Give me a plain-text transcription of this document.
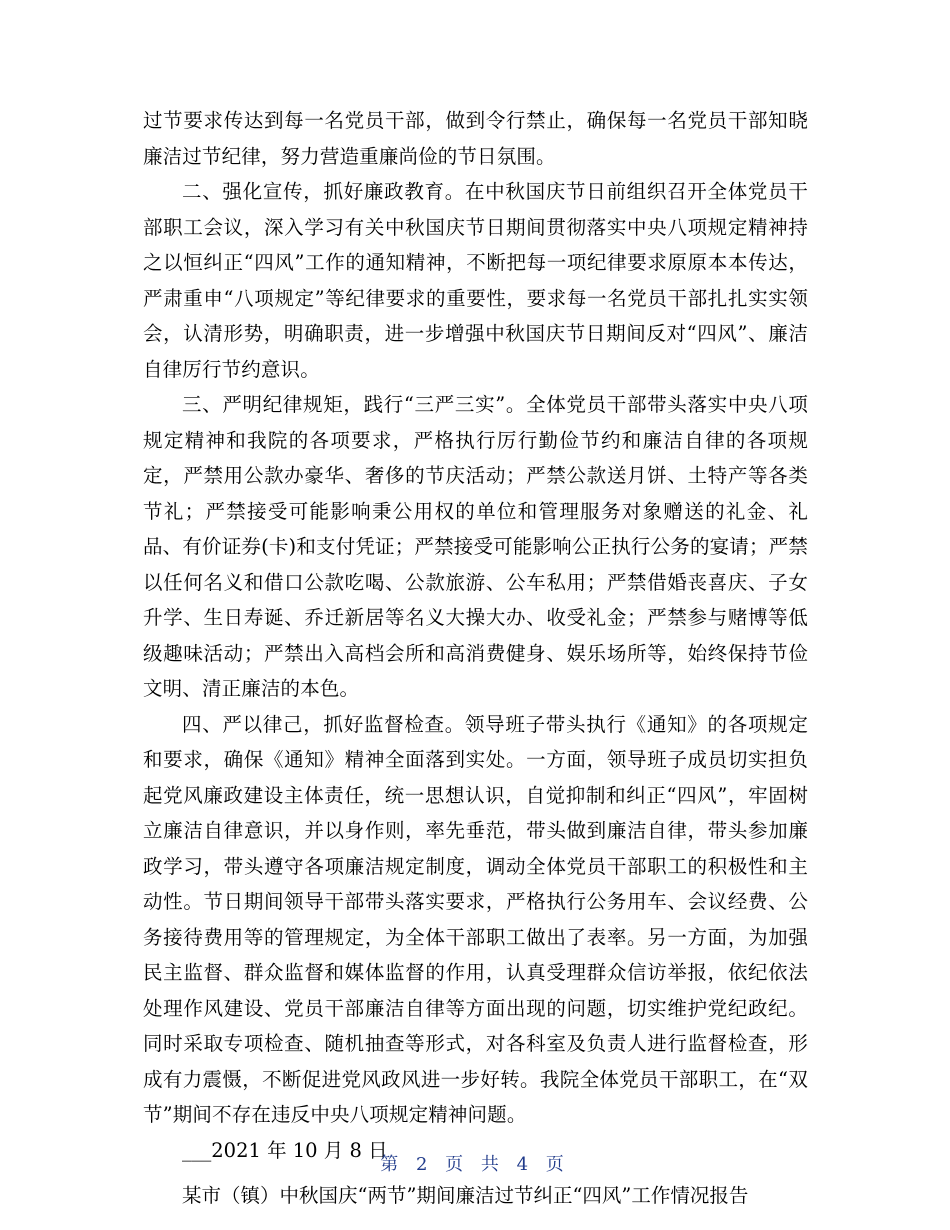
过节要求传达到每一名党员干部，做到令行禁止，确保每一名党员干部知晓廉洁过节纪律，努力营造重廉尚俭的节日氛围。

二、强化宣传，抓好廉政教育。在中秋国庆节日前组织召开全体党员干部职工会议，深入学习有关中秋国庆节日期间贯彻落实中央八项规定精神持之以恒纠正“四风”工作的通知精神，不断把每一项纪律要求原原本本传达，严肃重申“八项规定”等纪律要求的重要性，要求每一名党员干部扎扎实实领会，认清形势，明确职责，进一步增强中秋国庆节日期间反对“四风”、廉洁自律厉行节约意识。

三、严明纪律规矩，践行“三严三实”。全体党员干部带头落实中央八项规定精神和我院的各项要求，严格执行厉行勤俭节约和廉洁自律的各项规定，严禁用公款办豪华、奢侈的节庆活动；严禁公款送月饼、土特产等各类节礼；严禁接受可能影响秉公用权的单位和管理服务对象赠送的礼金、礼品、有价证券(卡)和支付凭证；严禁接受可能影响公正执行公务的宴请；严禁以任何名义和借口公款吃喝、公款旅游、公车私用；严禁借婚丧喜庆、子女升学、生日寿诞、乔迁新居等名义大操大办、收受礼金；严禁参与赌博等低级趣味活动；严禁出入高档会所和高消费健身、娱乐场所等，始终保持节俭文明、清正廉洁的本色。

四、严以律己，抓好监督检查。领导班子带头执行《通知》的各项规定和要求，确保《通知》精神全面落到实处。一方面，领导班子成员切实担负起党风廉政建设主体责任，统一思想认识，自觉抑制和纠正“四风”，牢固树立廉洁自律意识，并以身作则，率先垂范，带头做到廉洁自律，带头参加廉政学习，带头遵守各项廉洁规定制度，调动全体党员干部职工的积极性和主动性。节日期间领导干部带头落实要求，严格执行公务用车、会议经费、公务接待费用等的管理规定，为全体干部职工做出了表率。另一方面，为加强民主监督、群众监督和媒体监督的作用，认真受理群众信访举报，依纪依法处理作风建设、党员干部廉洁自律等方面出现的问题，切实维护党纪政纪。同时采取专项检查、随机抽查等形式，对各科室及负责人进行监督检查，形成有力震慑，不断促进党风政风进一步好转。我院全体党员干部职工，在“双节”期间不存在违反中央八项规定精神问题。

___2021 年 10 月 8 日

某市（镇）中秋国庆“两节”期间廉洁过节纠正“四风”工作情况报告

第 2 页 共 4 页
